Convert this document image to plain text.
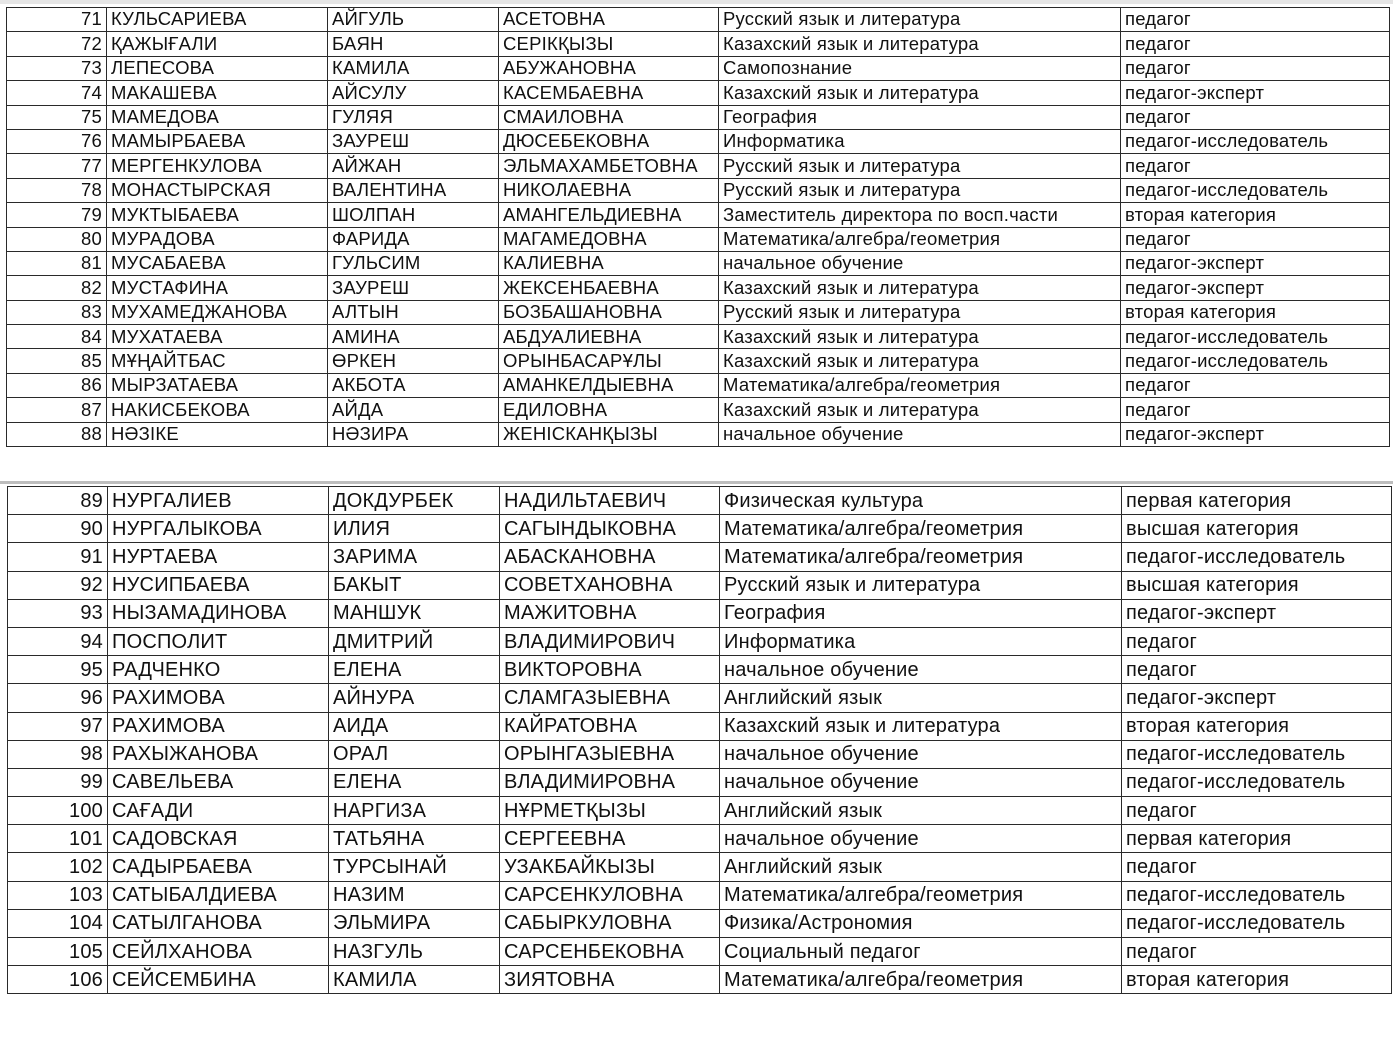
71	КУЛЬСАРИЕВА	АЙГУЛЬ	АСЕТОВНА	Русский язык и литература	педагог
72	ҚАЖЫҒАЛИ	БАЯН	СЕРІКҚЫЗЫ	Казахский язык и литература	педагог
73	ЛЕПЕСОВА	КАМИЛА	АБУЖАНОВНА	Самопознание	педагог
74	МАКАШЕВА	АЙСУЛУ	КАСЕМБАЕВНА	Казахский язык и литература	педагог-эксперт
75	МАМЕДОВА	ГУЛЯЯ	СМАИЛОВНА	География	педагог
76	МАМЫРБАЕВА	ЗАУРЕШ	ДЮСЕБЕКОВНА	Информатика	педагог-исследователь
77	МЕРГЕНКУЛОВА	АЙЖАН	ЭЛЬМАХАМБЕТОВНА	Русский язык и литература	педагог
78	МОНАСТЫРСКАЯ	ВАЛЕНТИНА	НИКОЛАЕВНА	Русский язык и литература	педагог-исследователь
79	МУКТЫБАЕВА	ШОЛПАН	АМАНГЕЛЬДИЕВНА	Заместитель директора по восп.части	вторая категория
80	МУРАДОВА	ФАРИДА	МАГАМЕДОВНА	Математика/алгебра/геометрия	педагог
81	МУСАБАЕВА	ГУЛЬСИМ	КАЛИЕВНА	начальное обучение	педагог-эксперт
82	МУСТАФИНА	ЗАУРЕШ	ЖЕКСЕНБАЕВНА	Казахский язык и литература	педагог-эксперт
83	МУХАМЕДЖАНОВА	АЛТЫН	БОЗБАШАНОВНА	Русский язык и литература	вторая категория
84	МУХАТАЕВА	АМИНА	АБДУАЛИЕВНА	Казахский язык и литература	педагог-исследователь
85	МҰҢАЙТБАС	ӨРКЕН	ОРЫНБАСАРҰЛЫ	Казахский язык и литература	педагог-исследователь
86	МЫРЗАТАЕВА	АКБОТА	АМАНКЕЛДЫЕВНА	Математика/алгебра/геометрия	педагог
87	НАКИСБЕКОВА	АЙДА	ЕДИЛОВНА	Казахский язык и литература	педагог
88	НӘЗІКЕ	НӘЗИРА	ЖЕНІСКАНҚЫЗЫ	начальное обучение	педагог-эксперт
89	НУРГАЛИЕВ	ДОКДУРБЕК	НАДИЛЬТАЕВИЧ	Физическая культура	первая категория
90	НУРГАЛЫКОВА	ИЛИЯ	САГЫНДЫКОВНА	Математика/алгебра/геометрия	высшая категория
91	НУРТАЕВА	ЗАРИМА	АБАСКАНОВНА	Математика/алгебра/геометрия	педагог-исследователь
92	НУСИПБАЕВА	БАКЫТ	СОВЕТХАНОВНА	Русский язык и литература	высшая категория
93	НЫЗАМАДИНОВА	МАНШУК	МАЖИТОВНА	География	педагог-эксперт
94	ПОСПОЛИТ	ДМИТРИЙ	ВЛАДИМИРОВИЧ	Информатика	педагог
95	РАДЧЕНКО	ЕЛЕНА	ВИКТОРОВНА	начальное обучение	педагог
96	РАХИМОВА	АЙНУРА	СЛАМГАЗЫЕВНА	Английский язык	педагог-эксперт
97	РАХИМОВА	АИДА	КАЙРАТОВНА	Казахский язык и литература	вторая категория
98	РАХЫЖАНОВА	ОРАЛ	ОРЫНГАЗЫЕВНА	начальное обучение	педагог-исследователь
99	САВЕЛЬЕВА	ЕЛЕНА	ВЛАДИМИРОВНА	начальное обучение	педагог-исследователь
100	САҒАДИ	НАРГИЗА	НҰРМЕТҚЫЗЫ	Английский язык	педагог
101	САДОВСКАЯ	ТАТЬЯНА	СЕРГЕЕВНА	начальное обучение	первая категория
102	САДЫРБАЕВА	ТУРСЫНАЙ	УЗАКБАЙКЫЗЫ	Английский язык	педагог
103	САТЫБАЛДИЕВА	НАЗИМ	САРСЕНКУЛОВНА	Математика/алгебра/геометрия	педагог-исследователь
104	САТЫЛГАНОВА	ЭЛЬМИРА	САБЫРКУЛОВНА	Физика/Астрономия	педагог-исследователь
105	СЕЙЛХАНОВА	НАЗГУЛЬ	САРСЕНБЕКОВНА	Социальный педагог	педагог
106	СЕЙСЕМБИНА	КАМИЛА	ЗИЯТОВНА	Математика/алгебра/геометрия	вторая категория
